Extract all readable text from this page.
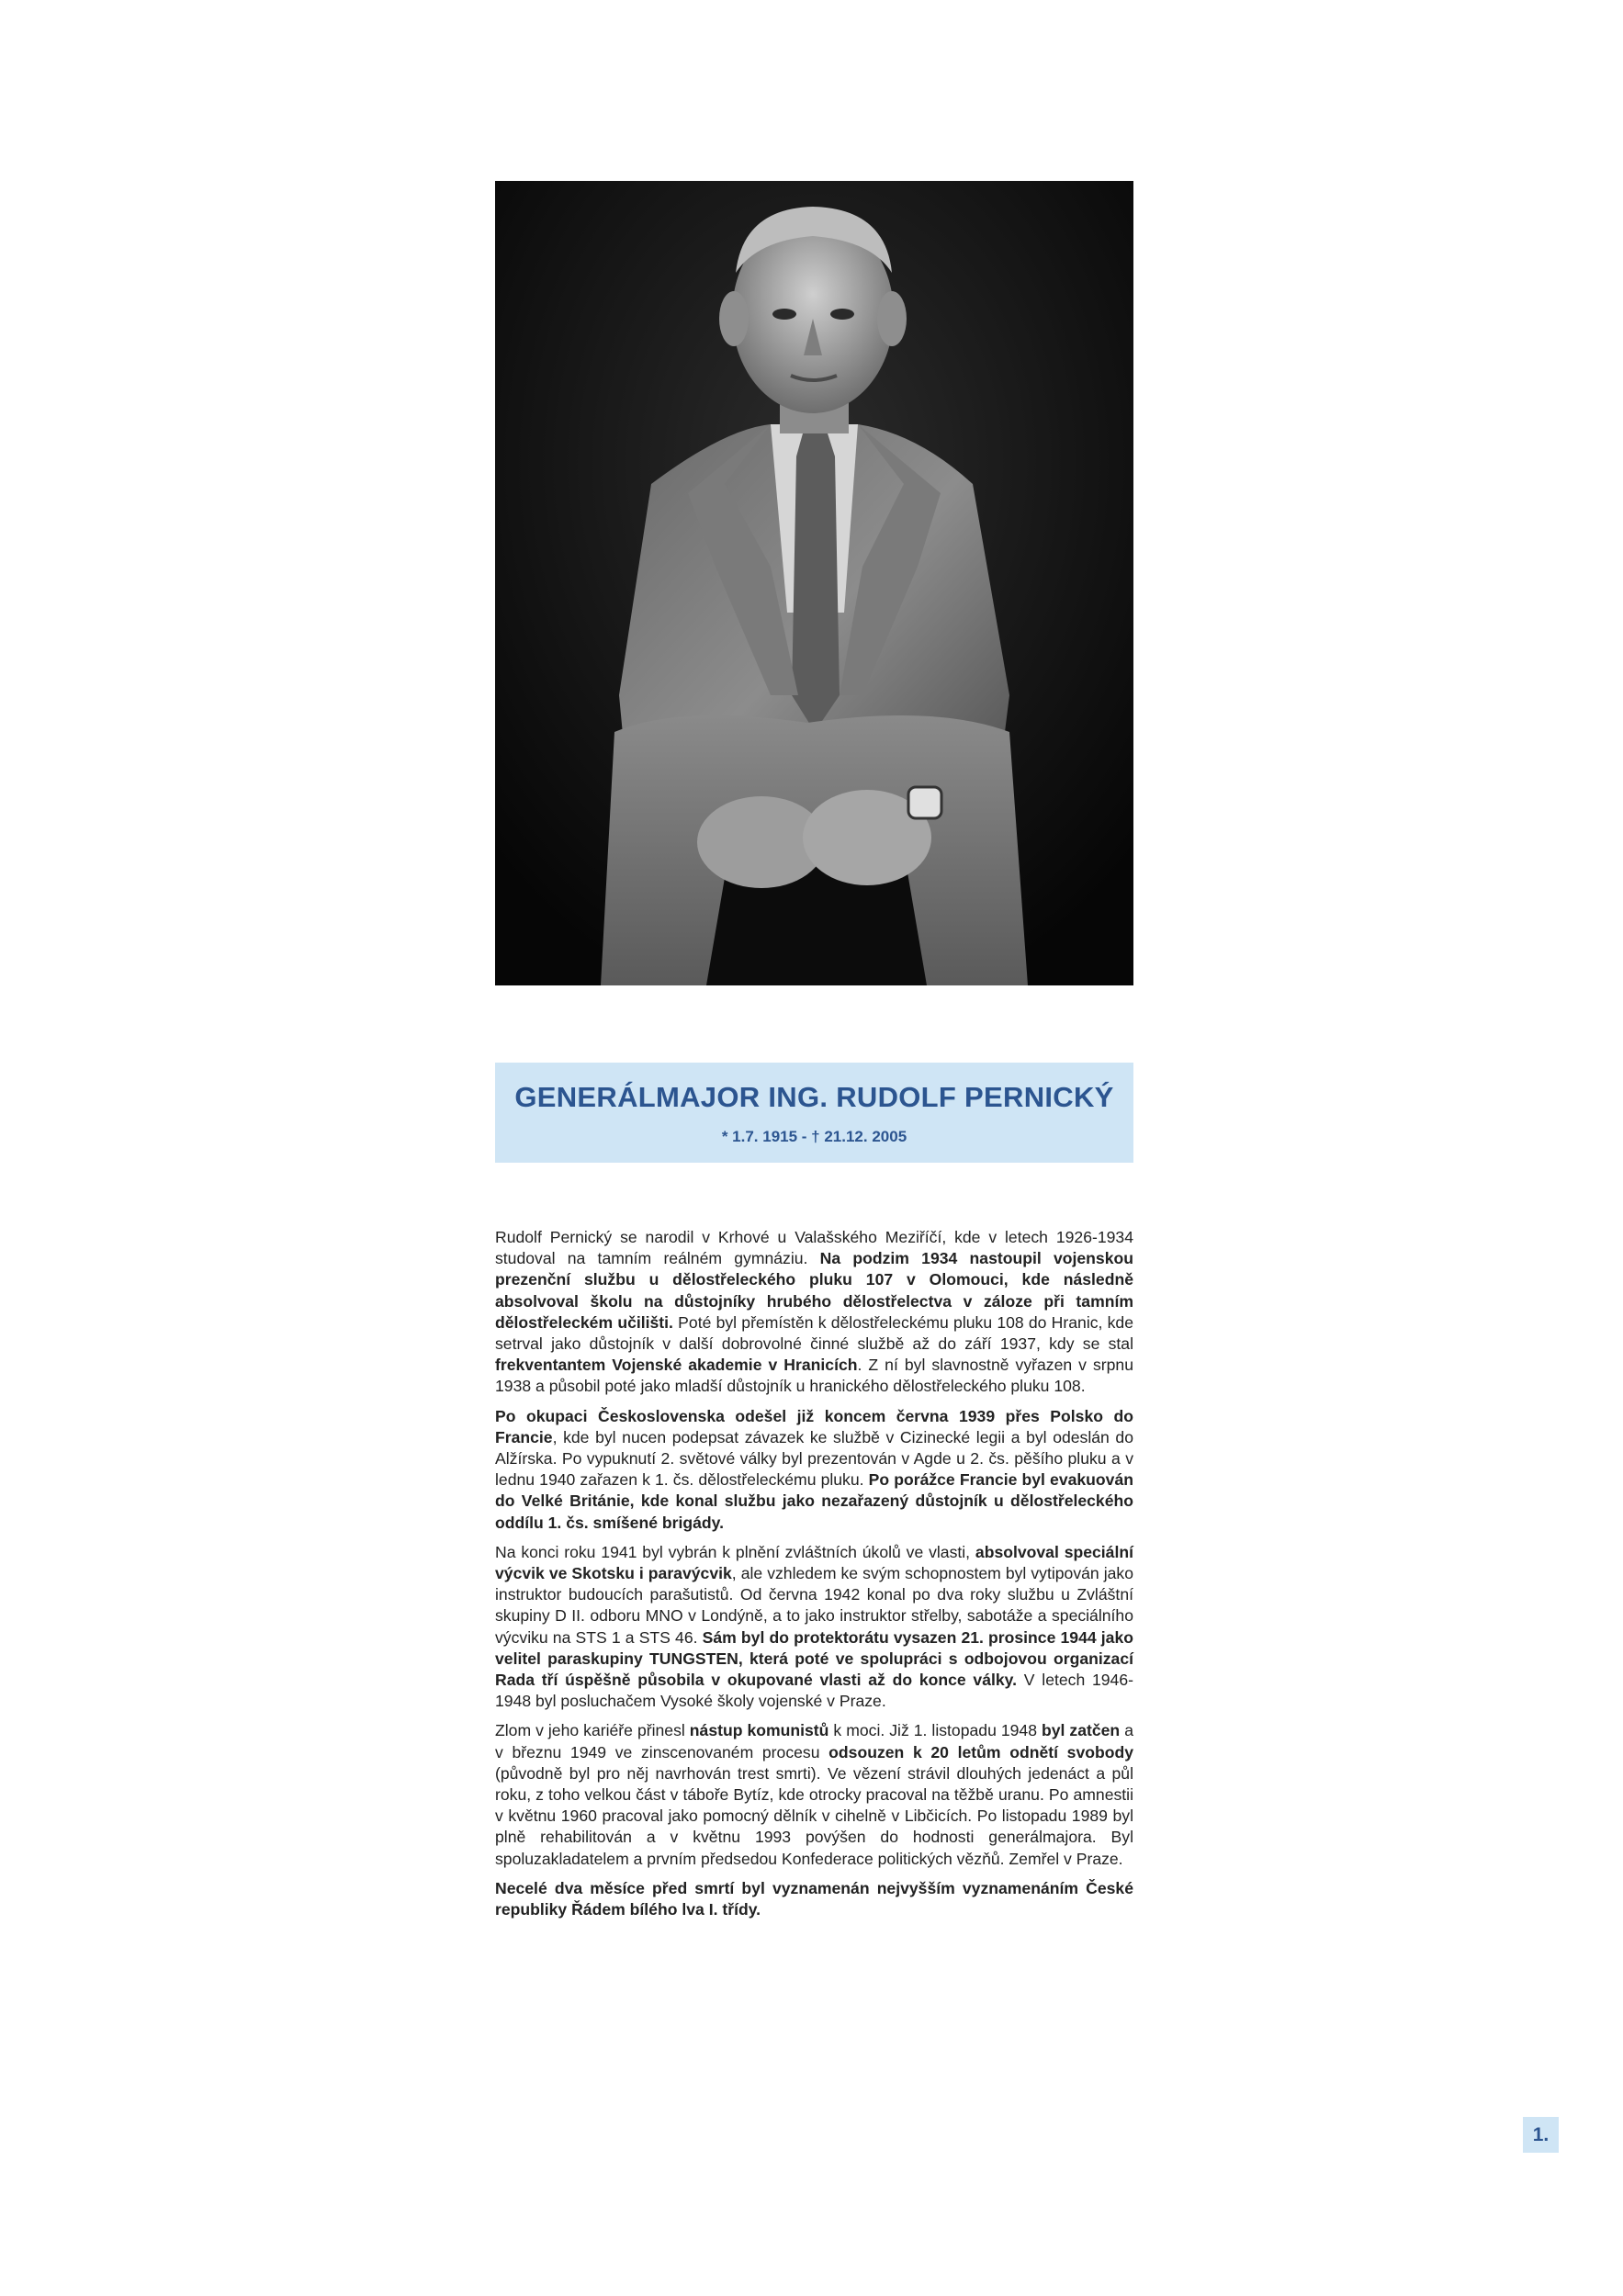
GENERÁLMAJOR ING. RUDOLF PERNICKÝ
* 1.7. 1915 - † 21.12. 2005

Rudolf Pernický se narodil v Krhové u Valašského Meziříčí, kde v letech 1926-1934 studoval na tamním reálném gymnáziu. Na podzim 1934 nastoupil vojenskou prezenční službu u dělostřeleckého pluku 107 v Olomouci, kde následně absolvoval školu na důstojníky hrubého dělostřelectva v záloze při tamním dělostřeleckém učilišti. Poté byl přemístěn k dělostřeleckému pluku 108 do Hranic, kde setrval jako důstojník v další dobrovolné činné službě až do září 1937, kdy se stal frekventantem Vojenské akademie v Hranicích. Z ní byl slavnostně vyřazen v srpnu 1938 a působil poté jako mladší důstojník u hranického dělostřeleckého pluku 108.

Po okupaci Československa odešel již koncem června 1939 přes Polsko do Francie, kde byl nucen podepsat závazek ke službě v Cizinecké legii a byl odeslán do Alžírska. Po vypuknutí 2. světové války byl prezentován v Agde u 2. čs. pěšího pluku a v lednu 1940 zařazen k 1. čs. dělostřeleckému pluku. Po porážce Francie byl evakuován do Velké Británie, kde konal službu jako nezařazený důstojník u dělostřeleckého oddílu 1. čs. smíšené brigády.

Na konci roku 1941 byl vybrán k plnění zvláštních úkolů ve vlasti, absolvoval speciální výcvik ve Skotsku i paravýcvik, ale vzhledem ke svým schopnostem byl vytipován jako instruktor budoucích parašutistů. Od června 1942 konal po dva roky službu u Zvláštní skupiny D II. odboru MNO v Londýně, a to jako instruktor střelby, sabotáže a speciálního výcviku na STS 1 a STS 46. Sám byl do protektorátu vysazen 21. prosince 1944 jako velitel paraskupiny TUNGSTEN, která poté ve spolupráci s odbojovou organizací Rada tří úspěšně působila v okupované vlasti až do konce války. V letech 1946-1948 byl posluchačem Vysoké školy vojenské v Praze.

Zlom v jeho kariéře přinesl nástup komunistů k moci. Již 1. listopadu 1948 byl zatčen a v březnu 1949 ve zinscenovaném procesu odsouzen k 20 letům odnětí svobody (původně byl pro něj navrhován trest smrti). Ve vězení strávil dlouhých jedenáct a půl roku, z toho velkou část v táboře Bytíz, kde otrocky pracoval na těžbě uranu. Po amnestii v květnu 1960 pracoval jako pomocný dělník v cihelně v Libčicích. Po listopadu 1989 byl plně rehabilitován a v květnu 1993 povýšen do hodnosti generálmajora. Byl spoluzakladatelem a prvním předsedou Konfederace politických vězňů. Zemřel v Praze.

Necelé dva měsíce před smrtí byl vyznamenán nejvyšším vyznamenáním České republiky Řádem bílého lva I. třídy.

1.
